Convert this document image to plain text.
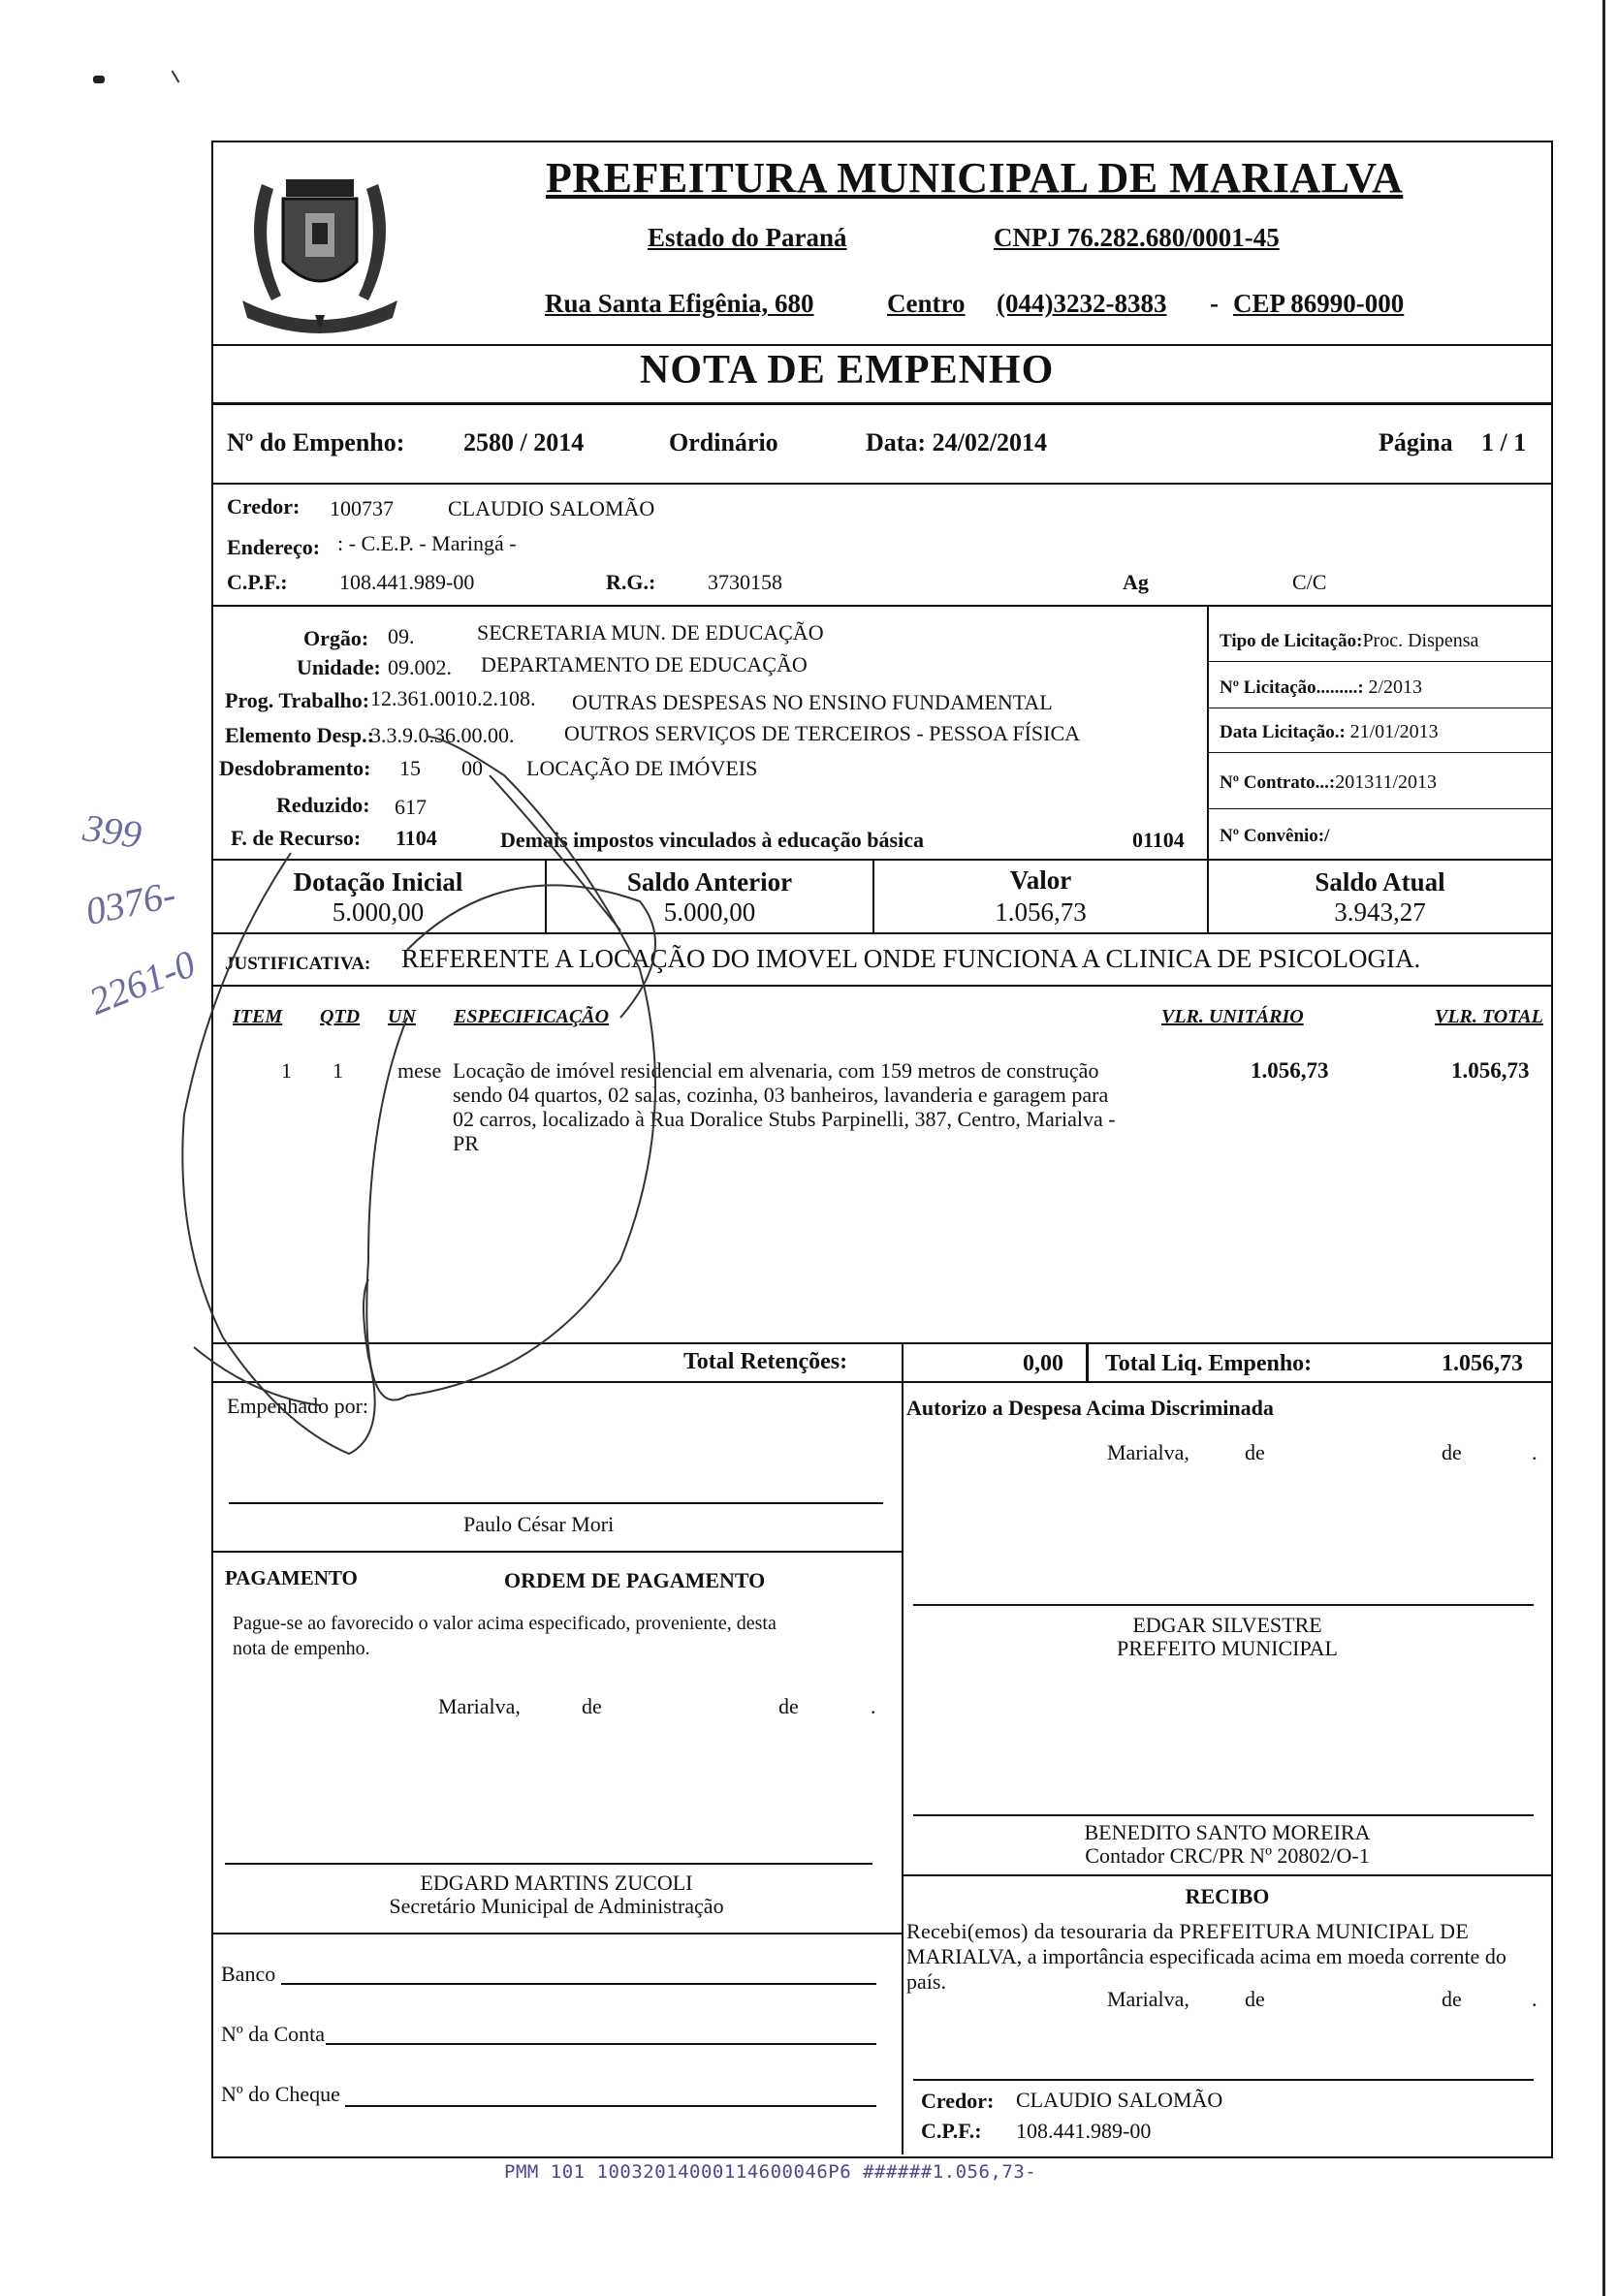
MARIALVA 1951
PREFEITURA MUNICIPAL DE MARIALVA
Estado do Paraná	CNPJ 76.282.680/0001-45
Rua Santa Efigênia, 680	Centro (044)3232-8383 - CEP 86990-000
NOTA DE EMPENHO
Nº do Empenho: 2580 / 2014	Ordinário	Data: 24/02/2014	Página 1 / 1
Credor: 100737	CLAUDIO SALOMÃO
Endereço: : - C.E.P. - Maringá -
C.P.F.: 108.441.989-00	R.G.: 3730158	Ag	C/C
Orgão: 09.	SECRETARIA MUN. DE EDUCAÇÃO
Unidade: 09.002. DEPARTAMENTO DE EDUCAÇÃO
Prog. Trabalho: 12.361.0010.2.108. OUTRAS DESPESAS NO ENSINO FUNDAMENTAL
Elemento Desp.:
3.3.9.0.36.00.00. OUTROS SERVIÇOS DE TERCEIROS - PESSOA FÍSICA
Desdobramento: 15 00 LOCAÇÃO DE IMÓVEIS
Reduzido: 617
F. de Recurso: 1104	Demais impostos vinculados à educação básica	01104
Tipo de Licitação:Proc. Dispensa
Nº Licitação.........: 2/2013
Data Licitação.: 21/01/2013
Nº Contrato...:201311/2013
Nº Convênio:/
Dotação Inicial
5.000,00
Saldo Anterior
5.000,00
Valor
1.056,73
Saldo Atual
3.943,27
JUSTIFICATIVA: REFERENTE A LOCAÇÃO DO IMOVEL ONDE FUNCIONA A CLINICA DE PSICOLOGIA.
ITEM QTD UN ESPECIFICAÇÃO	VLR. UNITÁRIO	VLR. TOTAL
1 1	mese Locação de imóvel residencial em alvenaria, com 159 metros de construção
sendo 04 quartos, 02 salas, cozinha, 03 banheiros, lavanderia e garagem para
02 carros, localizado à Rua Doralice Stubs Parpinelli, 387, Centro, Marialva -
PR
1.056,73	1.056,73
Total Retenções:	0,00 Total Liq. Empenho:	1.056,73
Empenhado por:
Paulo César Mori
Autorizo a Despesa Acima Discriminada
Marialva,	de	de	.
PAGAMENTO	ORDEM DE PAGAMENTO
Pague-se ao favorecido o valor acima especificado, proveniente, desta
nota de empenho.
Marialva,	de	de	.
EDGAR SILVESTRE
PREFEITO MUNICIPAL
BENEDITO SANTO MOREIRA
Contador CRC/PR Nº 20802/O-1
EDGARD MARTINS ZUCOLI
Secretário Municipal de Administração	RECIBO
Recebi(emos) da tesouraria da PREFEITURA MUNICIPAL DE
MARIALVA, a importância especificada acima em moeda corrente do
país.
Marialva,	de	de	.
Banco
Nº da Conta
Nº do Cheque	Credor: CLAUDIO SALOMÃO
C.P.F.: 108.441.989-00
PMM 101 10032014000114600046P6 ######1.056,73-
399
0376-
2261-0
